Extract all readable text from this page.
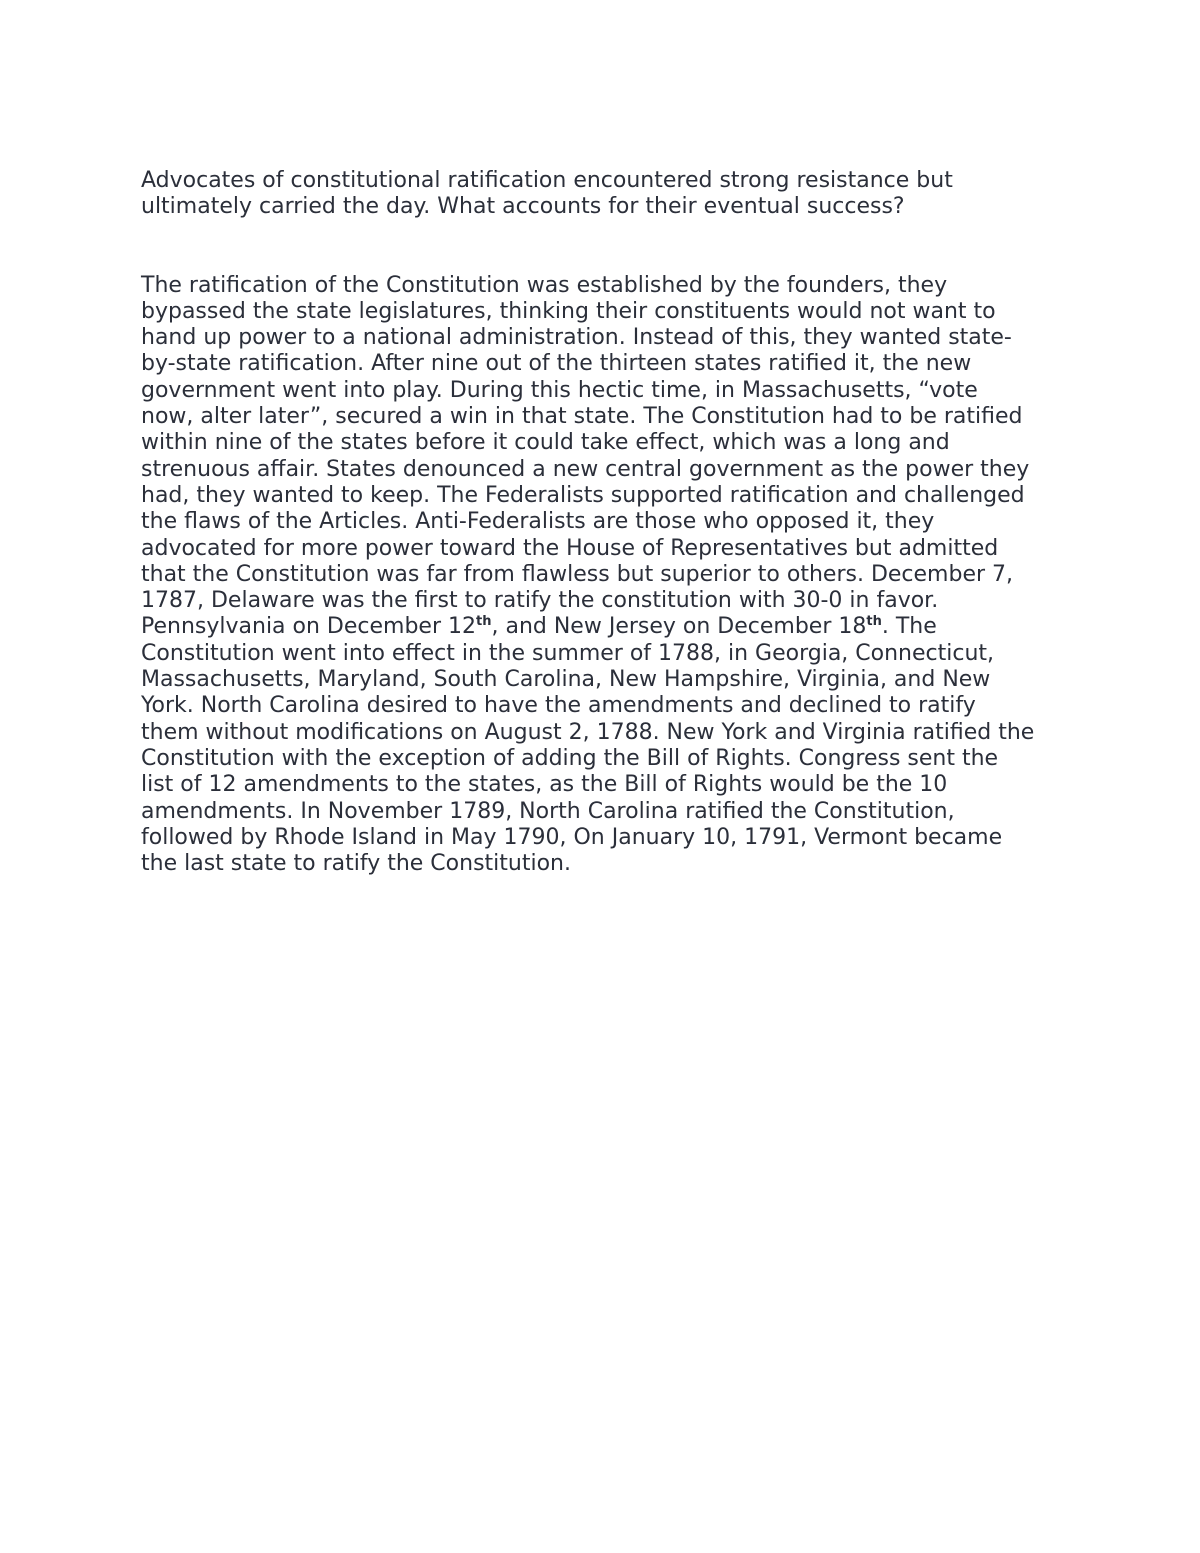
Advocates of constitutional ratification encountered strong resistance but
ultimately carried the day. What accounts for their eventual success?

The ratification of the Constitution was established by the founders, they
bypassed the state legislatures, thinking their constituents would not want to
hand up power to a national administration. Instead of this, they wanted state-
by-state ratification. After nine out of the thirteen states ratified it, the new
government went into play. During this hectic time, in Massachusetts, “vote
now, alter later”, secured a win in that state. The Constitution had to be ratified
within nine of the states before it could take effect, which was a long and
strenuous affair. States denounced a new central government as the power they
had, they wanted to keep. The Federalists supported ratification and challenged
the flaws of the Articles. Anti-Federalists are those who opposed it, they
advocated for more power toward the House of Representatives but admitted
that the Constitution was far from flawless but superior to others. December 7,
1787, Delaware was the first to ratify the constitution with 30-0 in favor.
Pennsylvania on December 12th, and New Jersey on December 18th. The
Constitution went into effect in the summer of 1788, in Georgia, Connecticut,
Massachusetts, Maryland, South Carolina, New Hampshire, Virginia, and New
York. North Carolina desired to have the amendments and declined to ratify
them without modifications on August 2, 1788. New York and Virginia ratified the
Constitution with the exception of adding the Bill of Rights. Congress sent the
list of 12 amendments to the states, as the Bill of Rights would be the 10
amendments. In November 1789, North Carolina ratified the Constitution,
followed by Rhode Island in May 1790, On January 10, 1791, Vermont became
the last state to ratify the Constitution.
